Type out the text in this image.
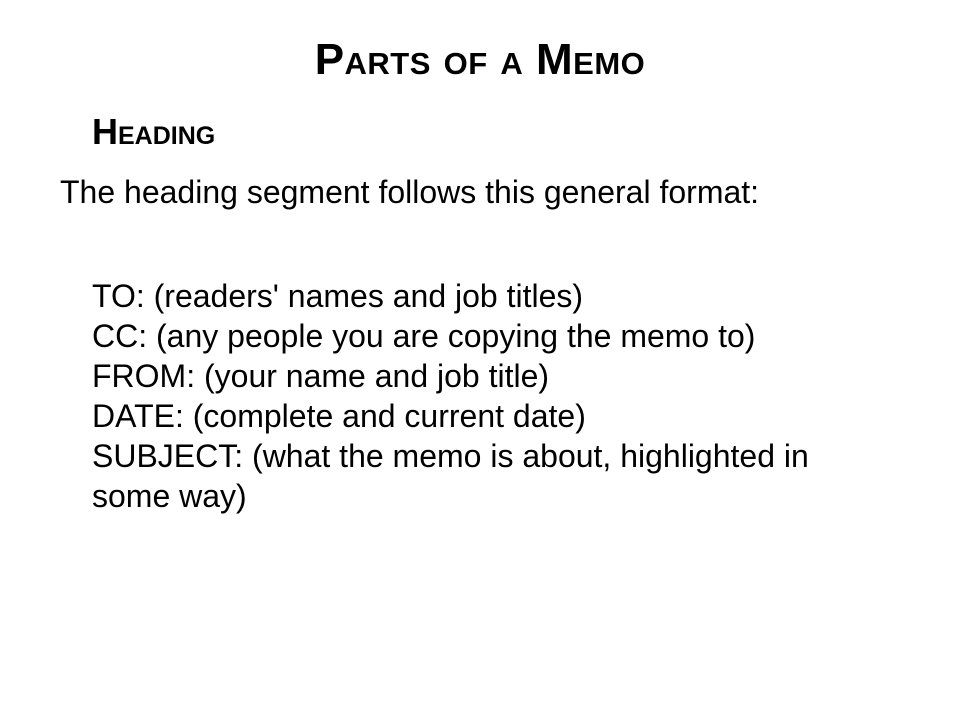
Parts of a Memo
Heading
The heading segment follows this general format:
TO: (readers' names and job titles)
CC: (any people you are copying the memo to)
FROM: (your name and job title)
DATE: (complete and current date)
SUBJECT: (what the memo is about, highlighted in some way)
